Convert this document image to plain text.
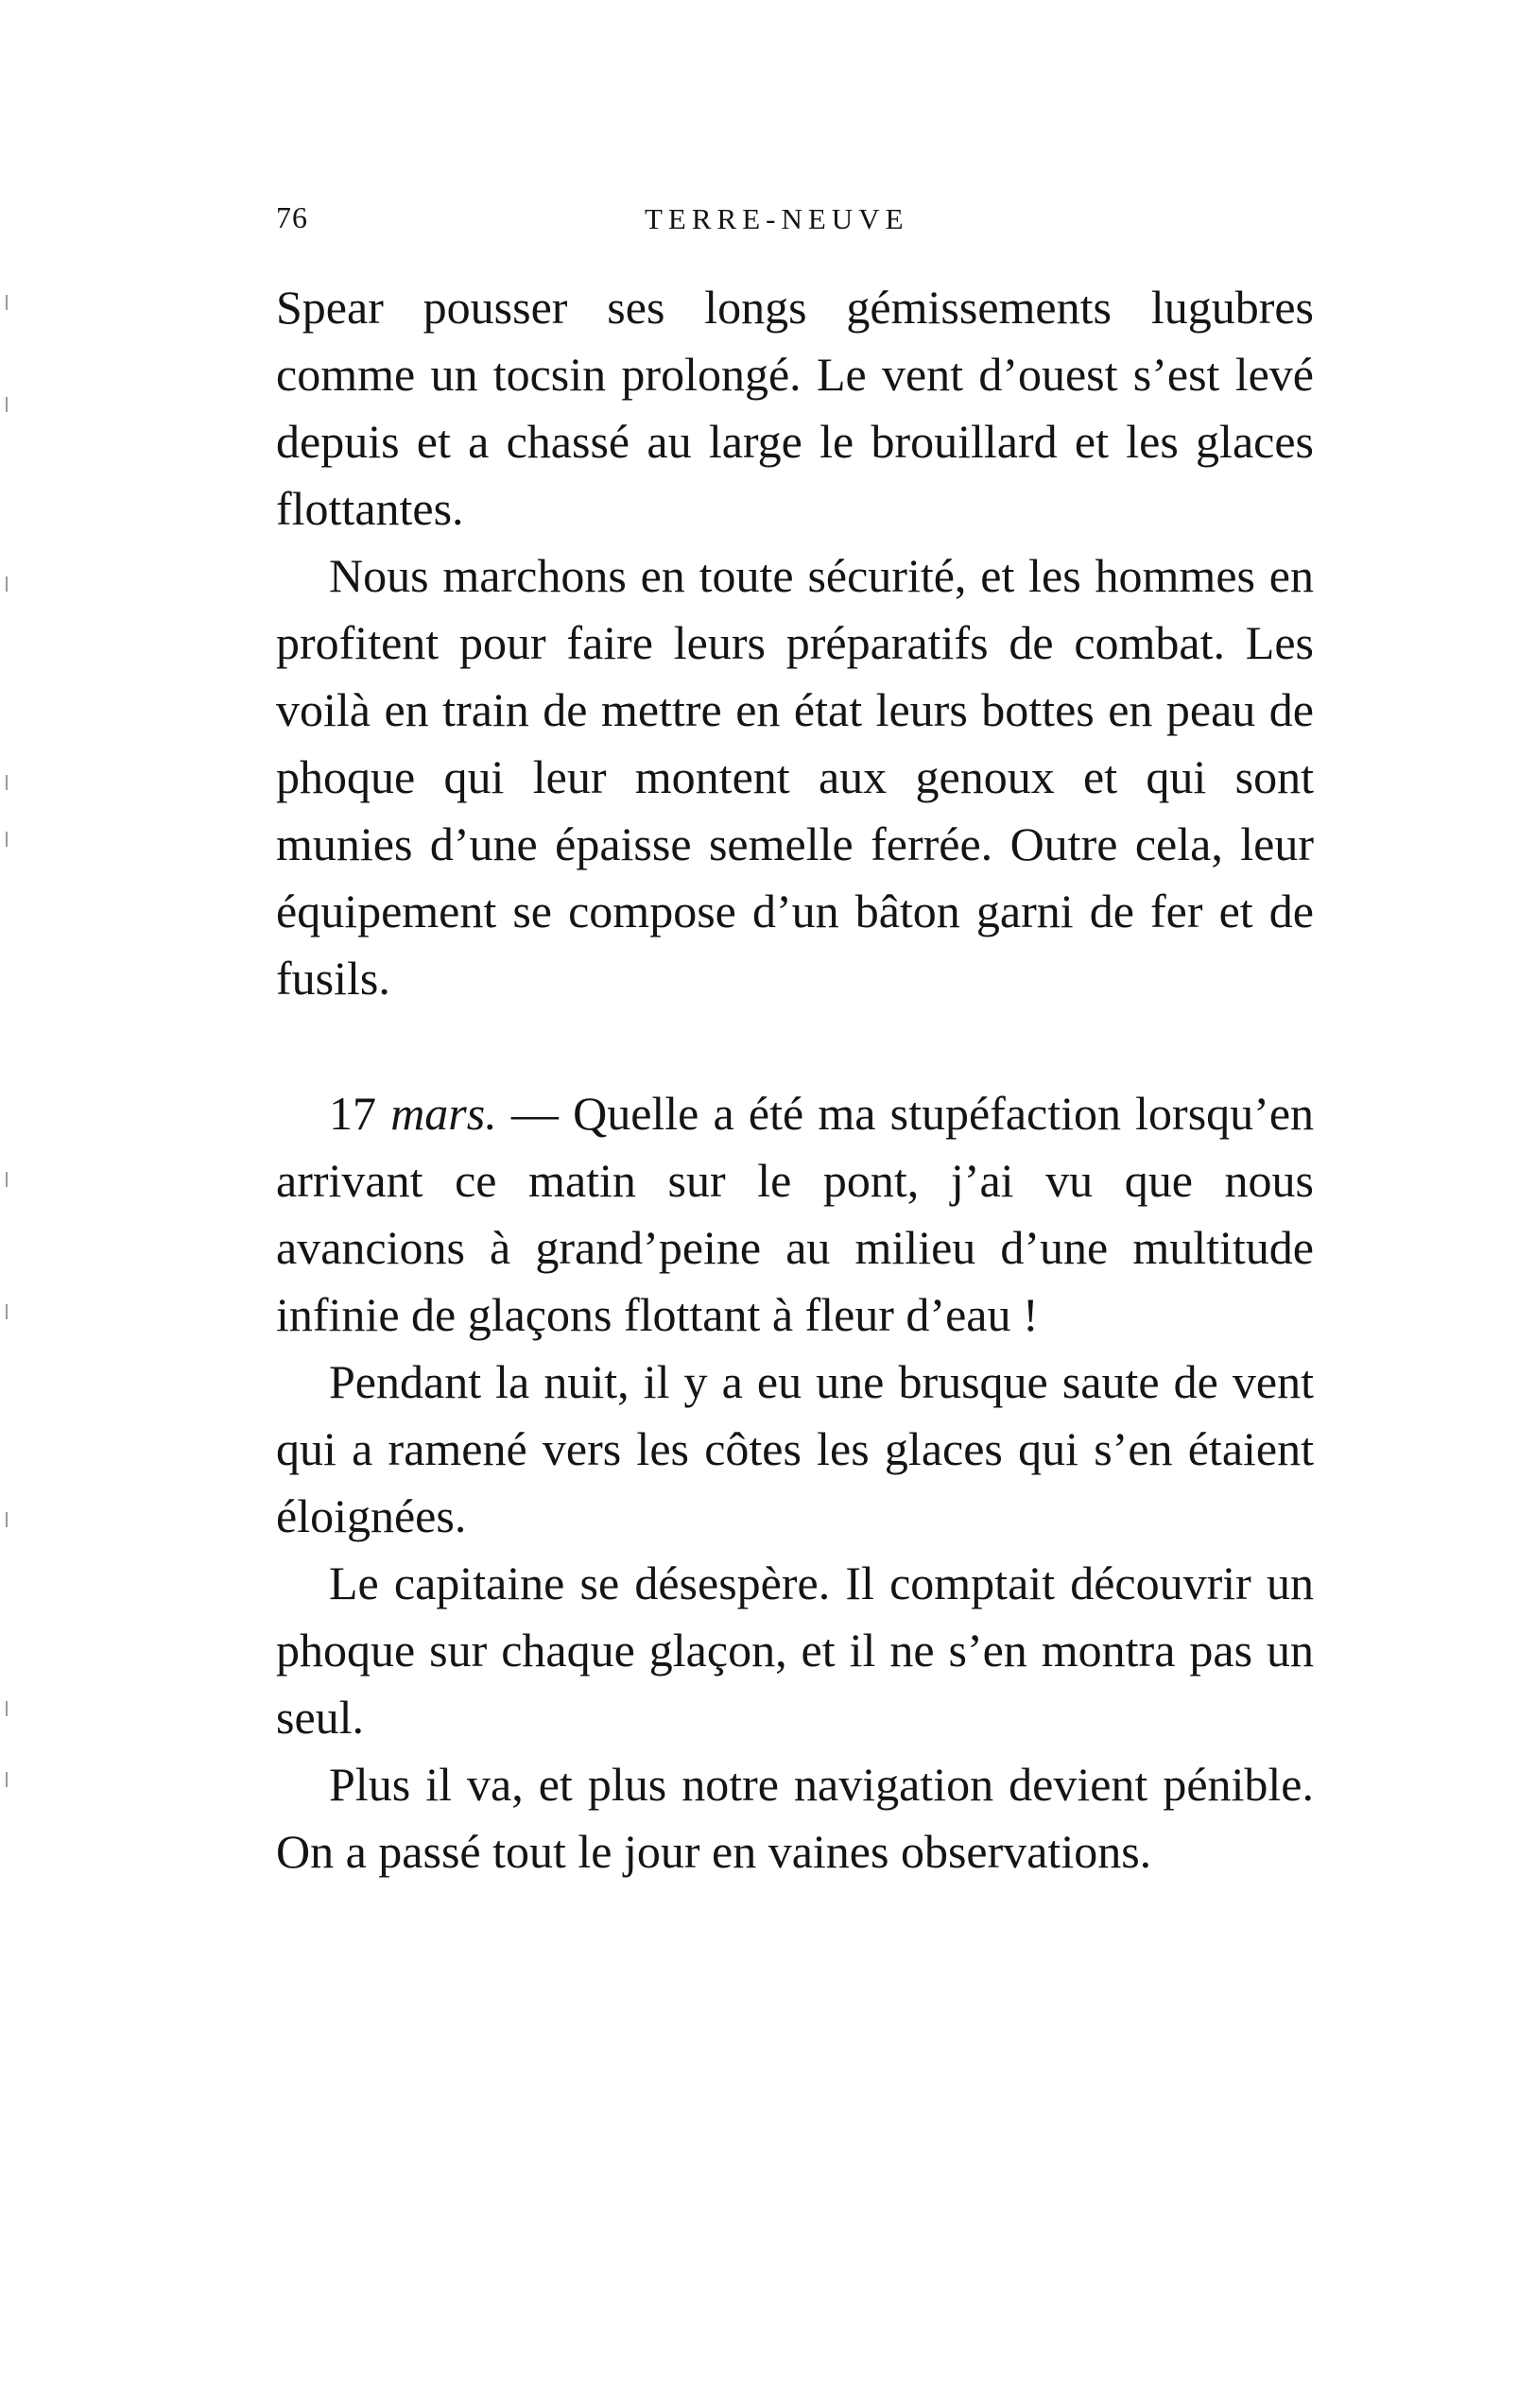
76	TERRE-NEUVE

Spear pousser ses longs gémissements lugubres comme un tocsin prolongé. Le vent d’ouest s’est levé depuis et a chassé au large le brouillard et les glaces flottantes.

Nous marchons en toute sécurité, et les hommes en profitent pour faire leurs préparatifs de combat. Les voilà en train de mettre en état leurs bottes en peau de phoque qui leur montent aux genoux et qui sont munies d’une épaisse semelle ferrée. Outre cela, leur équipement se compose d’un bâton garni de fer et de fusils.

17 mars. — Quelle a été ma stupéfaction lorsqu’en arrivant ce matin sur le pont, j’ai vu que nous avancions à grand’peine au milieu d’une multitude infinie de glaçons flottant à fleur d’eau !

Pendant la nuit, il y a eu une brusque saute de vent qui a ramené vers les côtes les glaces qui s’en étaient éloignées.

Le capitaine se désespère. Il comptait découvrir un phoque sur chaque glaçon, et il ne s’en montra pas un seul.

Plus il va, et plus notre navigation devient pénible. On a passé tout le jour en vaines observations.
